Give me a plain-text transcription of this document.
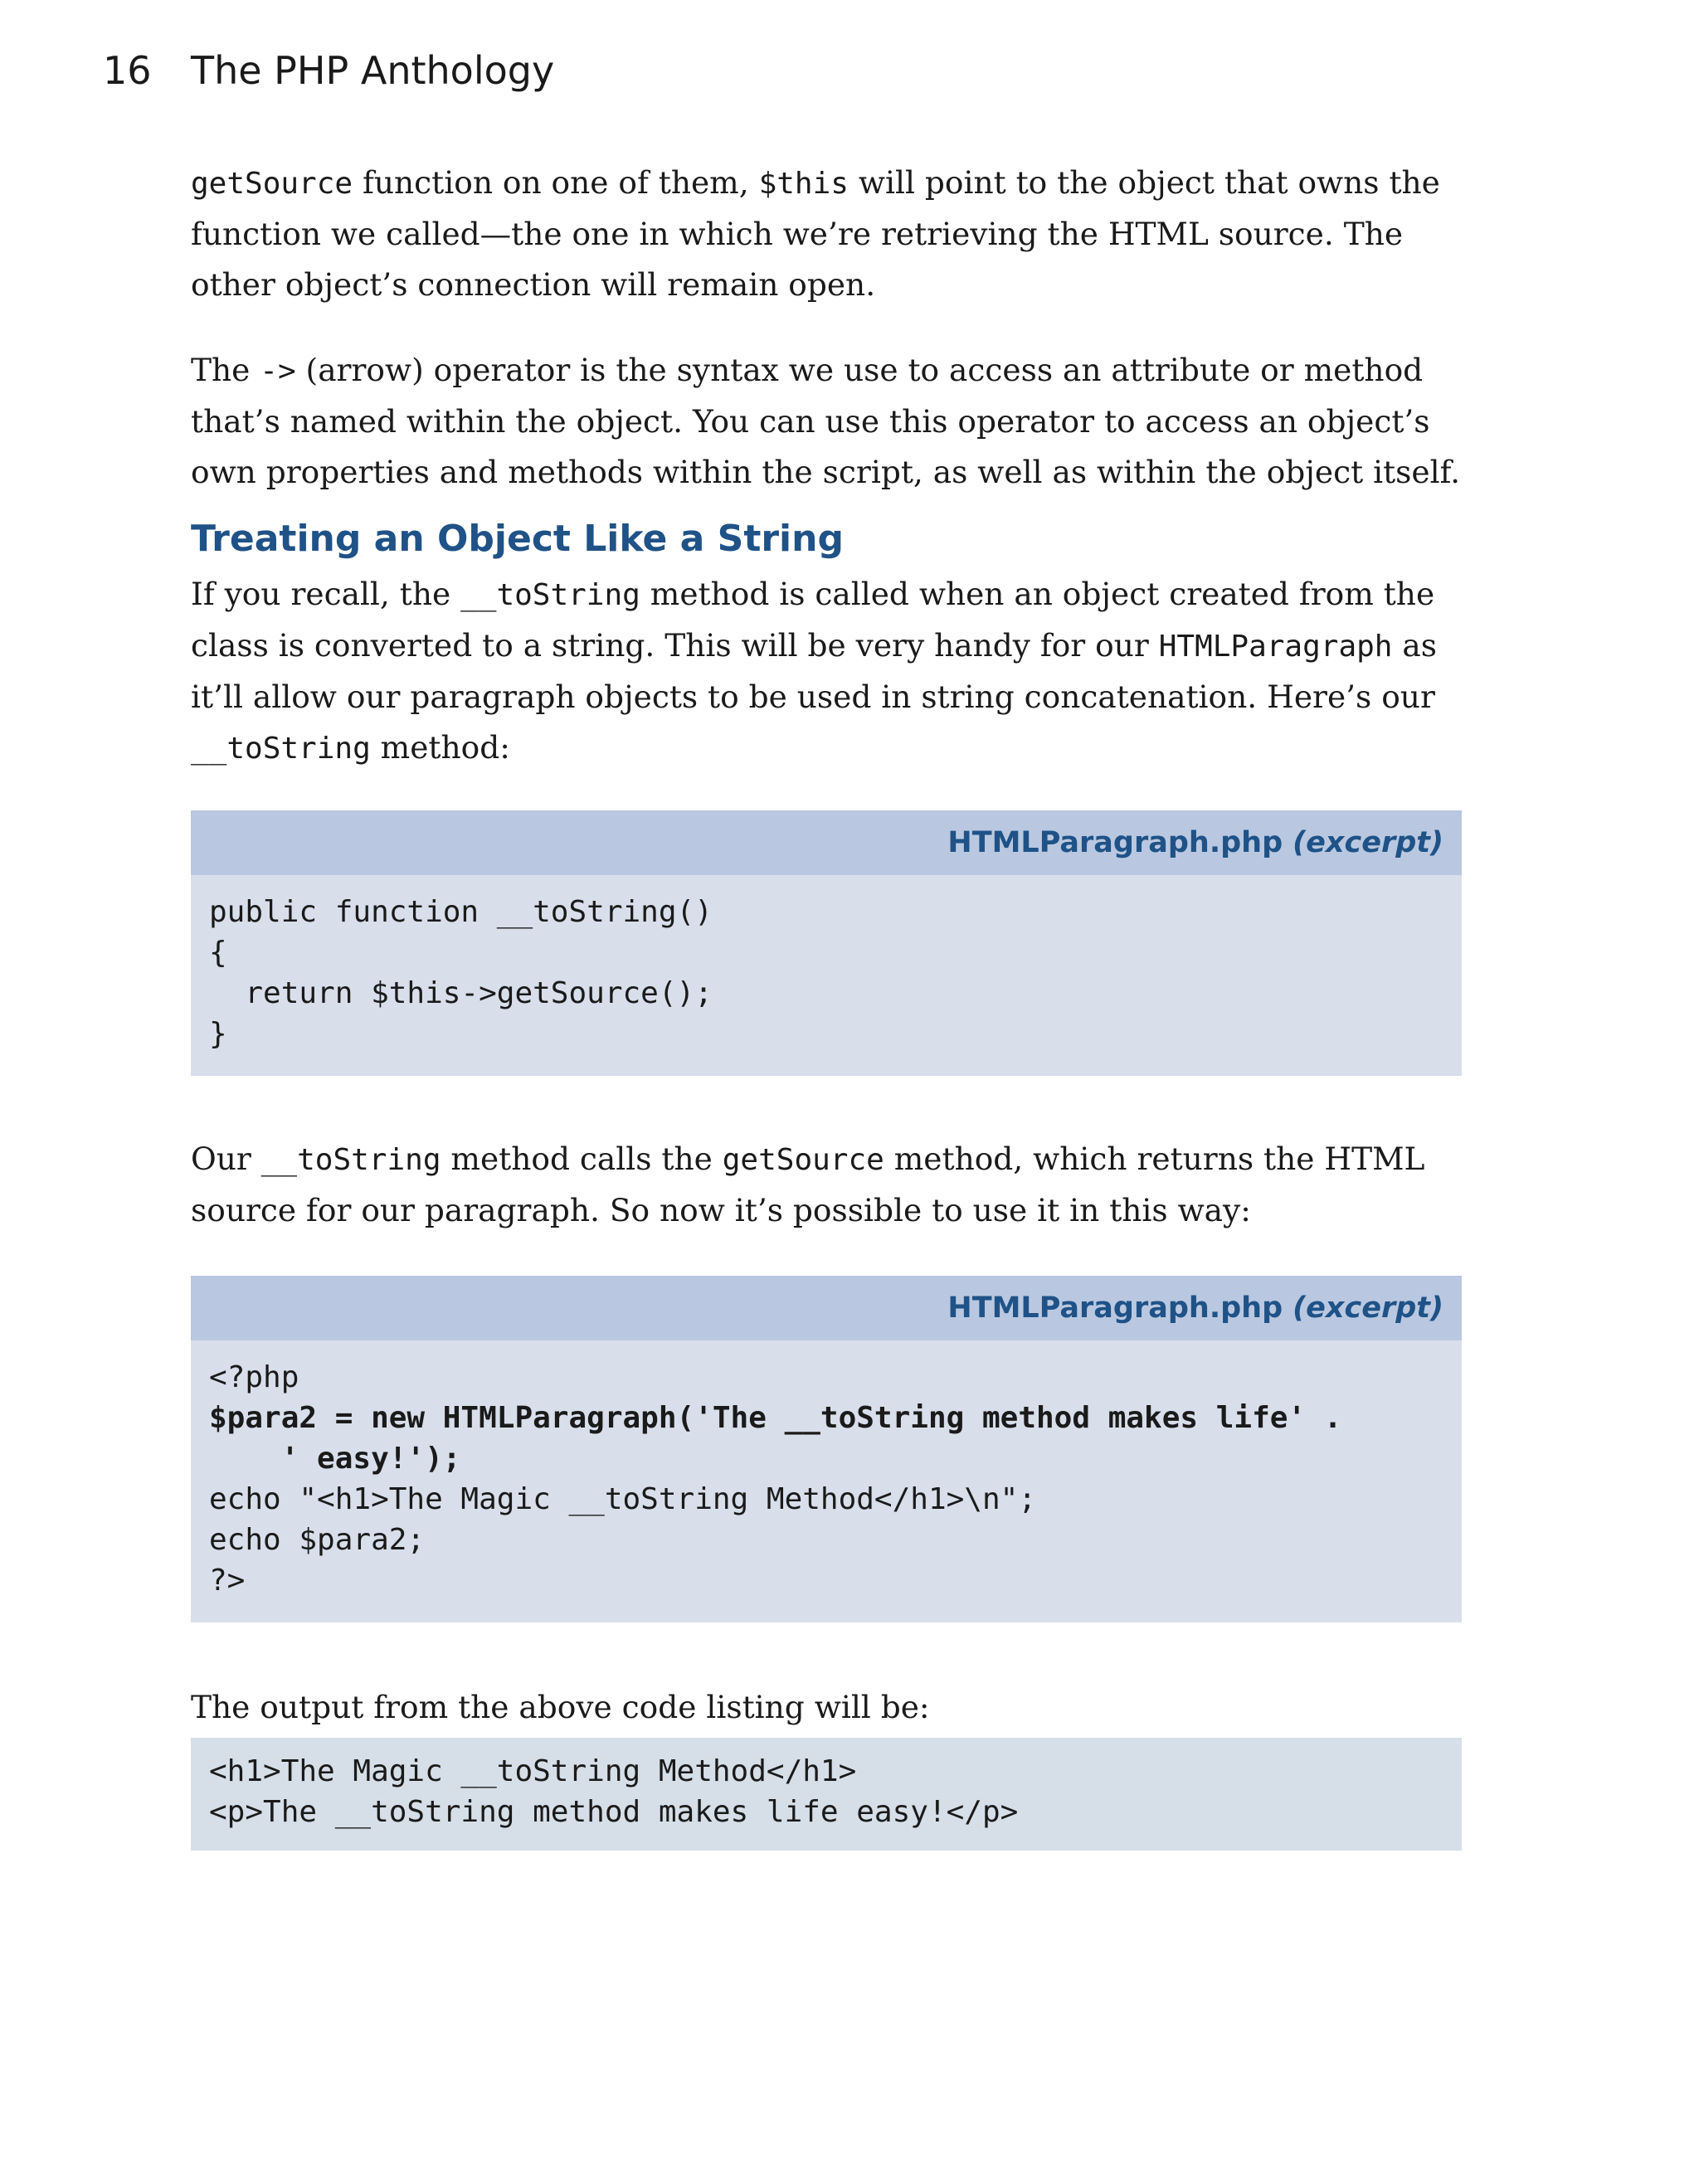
16	The PHP Anthology

getSource function on one of them, $this will point to the object that owns the function we called—the one in which we’re retrieving the HTML source. The other object’s connection will remain open.

The -> (arrow) operator is the syntax we use to access an attribute or method that’s named within the object. You can use this operator to access an object’s own properties and methods within the script, as well as within the object itself.

Treating an Object Like a String

If you recall, the __toString method is called when an object created from the class is converted to a string. This will be very handy for our HTMLParagraph as it’ll allow our paragraph objects to be used in string concatenation. Here’s our __toString method:

HTMLParagraph.php (excerpt)
public function __toString()
{
return $this->getSource();
}

Our __toString method calls the getSource method, which returns the HTML source for our paragraph. So now it’s possible to use it in this way:

HTMLParagraph.php (excerpt)
<?php
$para2 = new HTMLParagraph('The __toString method makes life' .
' easy!');
echo "<h1>The Magic __toString Method</h1>\n";
echo $para2;
?>

The output from the above code listing will be:

<h1>The Magic __toString Method</h1>
<p>The __toString method makes life easy!</p>
